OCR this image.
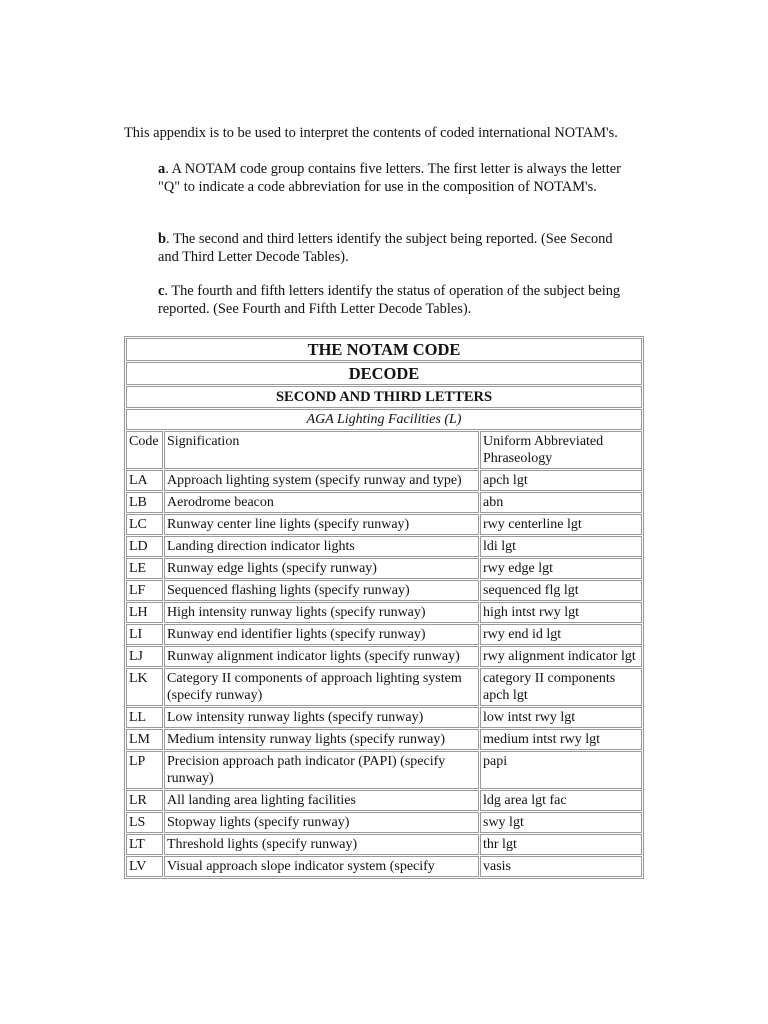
This appendix is to be used to interpret the contents of coded international NOTAM's.

a. A NOTAM code group contains five letters. The first letter is always the letter "Q" to indicate a code abbreviation for use in the composition of NOTAM's.

b. The second and third letters identify the subject being reported. (See Second and Third Letter Decode Tables).

c. The fourth and fifth letters identify the status of operation of the subject being reported. (See Fourth and Fifth Letter Decode Tables).

THE NOTAM CODE		
DECODE		
SECOND AND THIRD LETTERS		
AGA Lighting Facilities (L)		
Code	Signification	Uniform Abbreviated Phraseology
LA	Approach lighting system (specify runway and type)	apch lgt
LB	Aerodrome beacon	abn
LC	Runway center line lights (specify runway)	rwy centerline lgt
LD	Landing direction indicator lights	ldi lgt
LE	Runway edge lights (specify runway)	rwy edge lgt
LF	Sequenced flashing lights (specify runway)	sequenced flg lgt
LH	High intensity runway lights (specify runway)	high intst rwy lgt
LI	Runway end identifier lights (specify runway)	rwy end id lgt
LJ	Runway alignment indicator lights (specify runway)	rwy alignment indicator lgt
LK	Category II components of approach lighting system (specify runway)	category II components apch lgt
LL	Low intensity runway lights (specify runway)	low intst rwy lgt
LM	Medium intensity runway lights (specify runway)	medium intst rwy lgt
LP	Precision approach path indicator (PAPI) (specify runway)	papi
LR	All landing area lighting facilities	ldg area lgt fac
LS	Stopway lights (specify runway)	swy lgt
LT	Threshold lights (specify runway)	thr lgt
LV	Visual approach slope indicator system (specify	vasis
